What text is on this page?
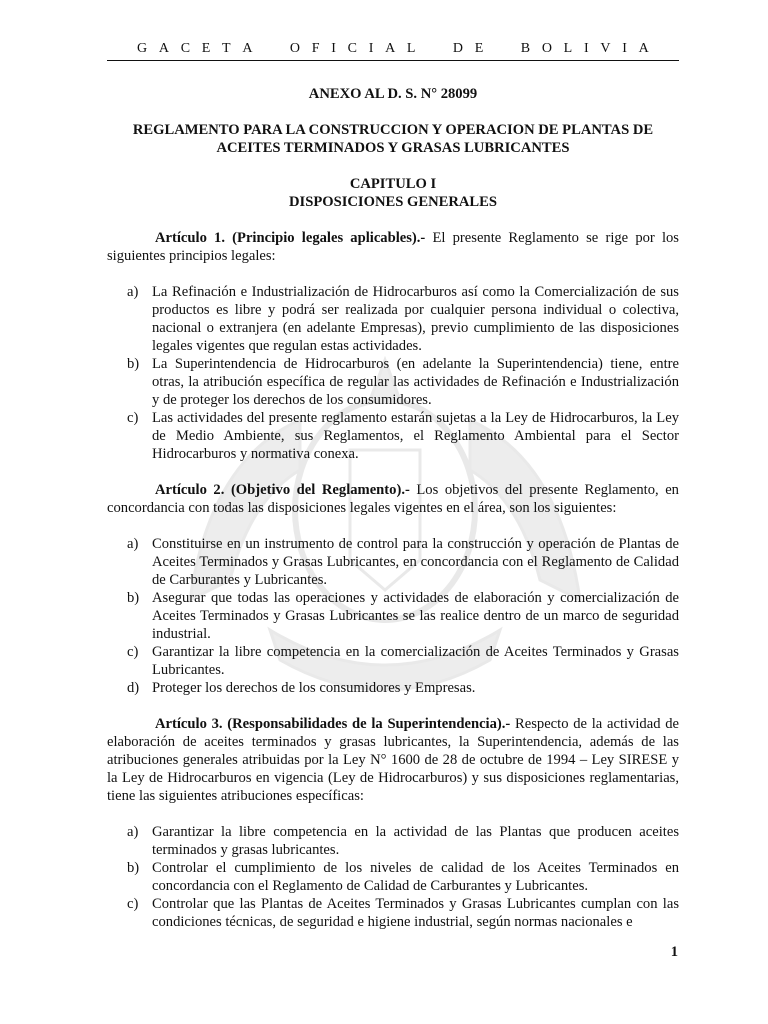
G A C E T A	O F I C I A L	D E	B O L I V I A
ANEXO AL D. S. N° 28099
REGLAMENTO PARA LA CONSTRUCCION Y OPERACION DE PLANTAS DE
ACEITES TERMINADOS Y GRASAS LUBRICANTES
CAPITULO I
DISPOSICIONES GENERALES

Artículo 1. (Principio legales aplicables).- El presente Reglamento se rige por los siguientes principios legales:

a) La Refinación e Industrialización de Hidrocarburos así como la Comercialización de sus productos es libre y podrá ser realizada por cualquier persona individual o colectiva, nacional o extranjera (en adelante Empresas), previo cumplimiento de las disposiciones legales vigentes que regulan estas actividades.
b) La Superintendencia de Hidrocarburos (en adelante la Superintendencia) tiene, entre otras, la atribución específica de regular las actividades de Refinación e Industrialización y de proteger los derechos de los consumidores.
c) Las actividades del presente reglamento estarán sujetas a la Ley de Hidrocarburos, la Ley de Medio Ambiente, sus Reglamentos, el Reglamento Ambiental para el Sector Hidrocarburos y normativa conexa.

Artículo 2. (Objetivo del Reglamento).- Los objetivos del presente Reglamento, en concordancia con todas las disposiciones legales vigentes en el área, son los siguientes:

a) Constituirse en un instrumento de control para la construcción y operación de Plantas de Aceites Terminados y Grasas Lubricantes, en concordancia con el Reglamento de Calidad de Carburantes y Lubricantes.
b) Asegurar que todas las operaciones y actividades de elaboración y comercialización de Aceites Terminados y Grasas Lubricantes se las realice dentro de un marco de seguridad industrial.
c) Garantizar la libre competencia en la comercialización de Aceites Terminados y Grasas Lubricantes.
d) Proteger los derechos de los consumidores y Empresas.

Artículo 3. (Responsabilidades de la Superintendencia).- Respecto de la actividad de elaboración de aceites terminados y grasas lubricantes, la Superintendencia, además de las atribuciones generales atribuidas por la Ley N° 1600 de 28 de octubre de 1994 – Ley SIRESE y la Ley de Hidrocarburos en vigencia (Ley de Hidrocarburos) y sus disposiciones reglamentarias, tiene las siguientes atribuciones específicas:

a) Garantizar la libre competencia en la actividad de las Plantas que producen aceites terminados y grasas lubricantes.
b) Controlar el cumplimiento de los niveles de calidad de los Aceites Terminados en concordancia con el Reglamento de Calidad de Carburantes y Lubricantes.
c) Controlar que las Plantas de Aceites Terminados y Grasas Lubricantes cumplan con las condiciones técnicas, de seguridad e higiene industrial, según normas nacionales e
1
